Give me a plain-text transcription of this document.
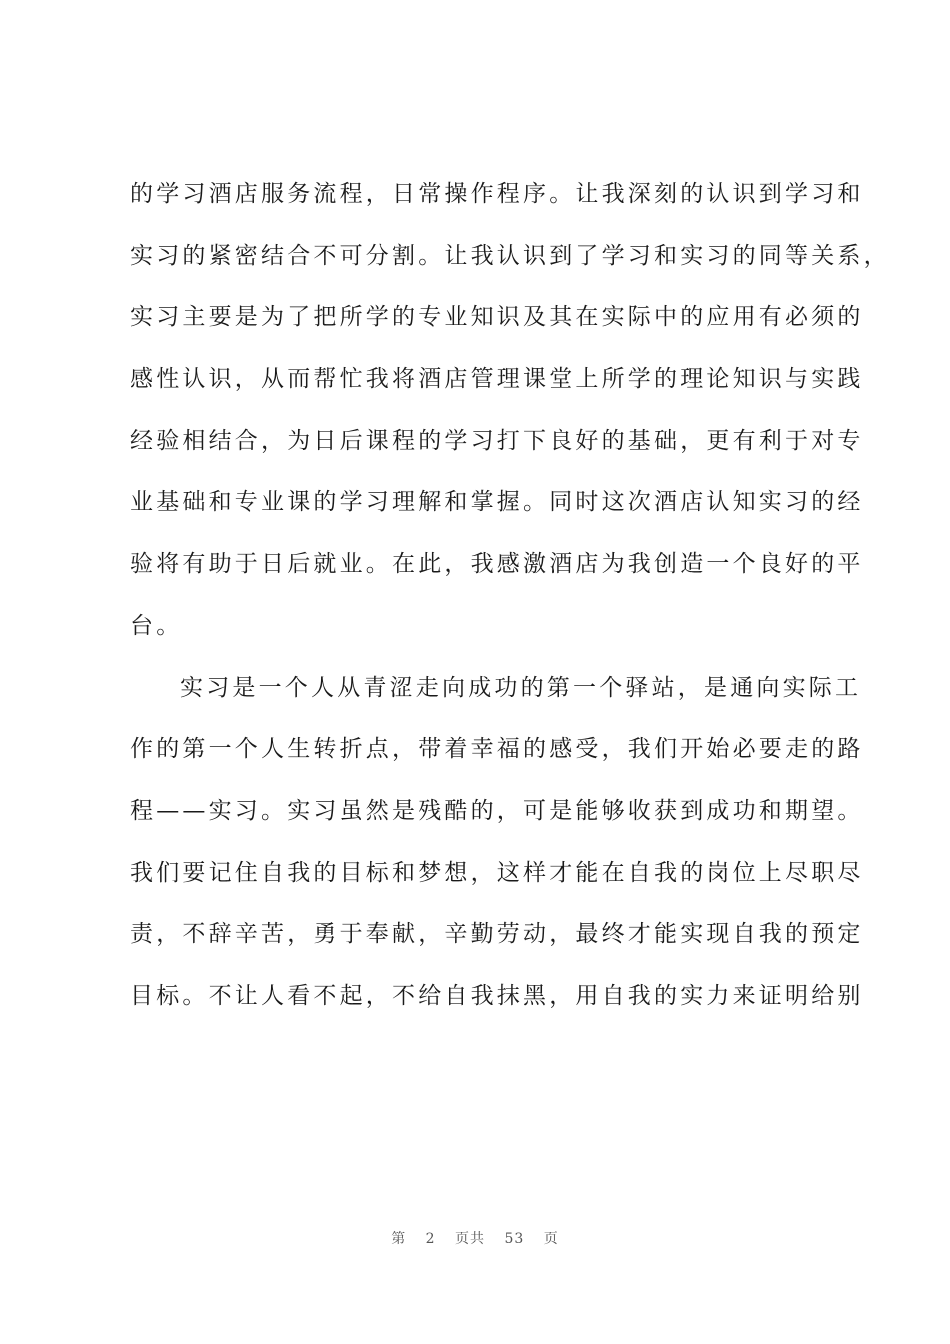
的学习酒店服务流程，日常操作程序。让我深刻的认识到学习和
实习的紧密结合不可分割。让我认识到了学习和实习的同等关系，
实习主要是为了把所学的专业知识及其在实际中的应用有必须的
感性认识，从而帮忙我将酒店管理课堂上所学的理论知识与实践
经验相结合，为日后课程的学习打下良好的基础，更有利于对专
业基础和专业课的学习理解和掌握。同时这次酒店认知实习的经
验将有助于日后就业。在此，我感激酒店为我创造一个良好的平
台。
实习是一个人从青涩走向成功的第一个驿站，是通向实际工
作的第一个人生转折点，带着幸福的感受，我们开始必要走的路
程——实习。实习虽然是残酷的，可是能够收获到成功和期望。
我们要记住自我的目标和梦想，这样才能在自我的岗位上尽职尽
责，不辞辛苦，勇于奉献，辛勤劳动，最终才能实现自我的预定
目标。不让人看不起，不给自我抹黑，用自我的实力来证明给别
第 2 页共 53 页
